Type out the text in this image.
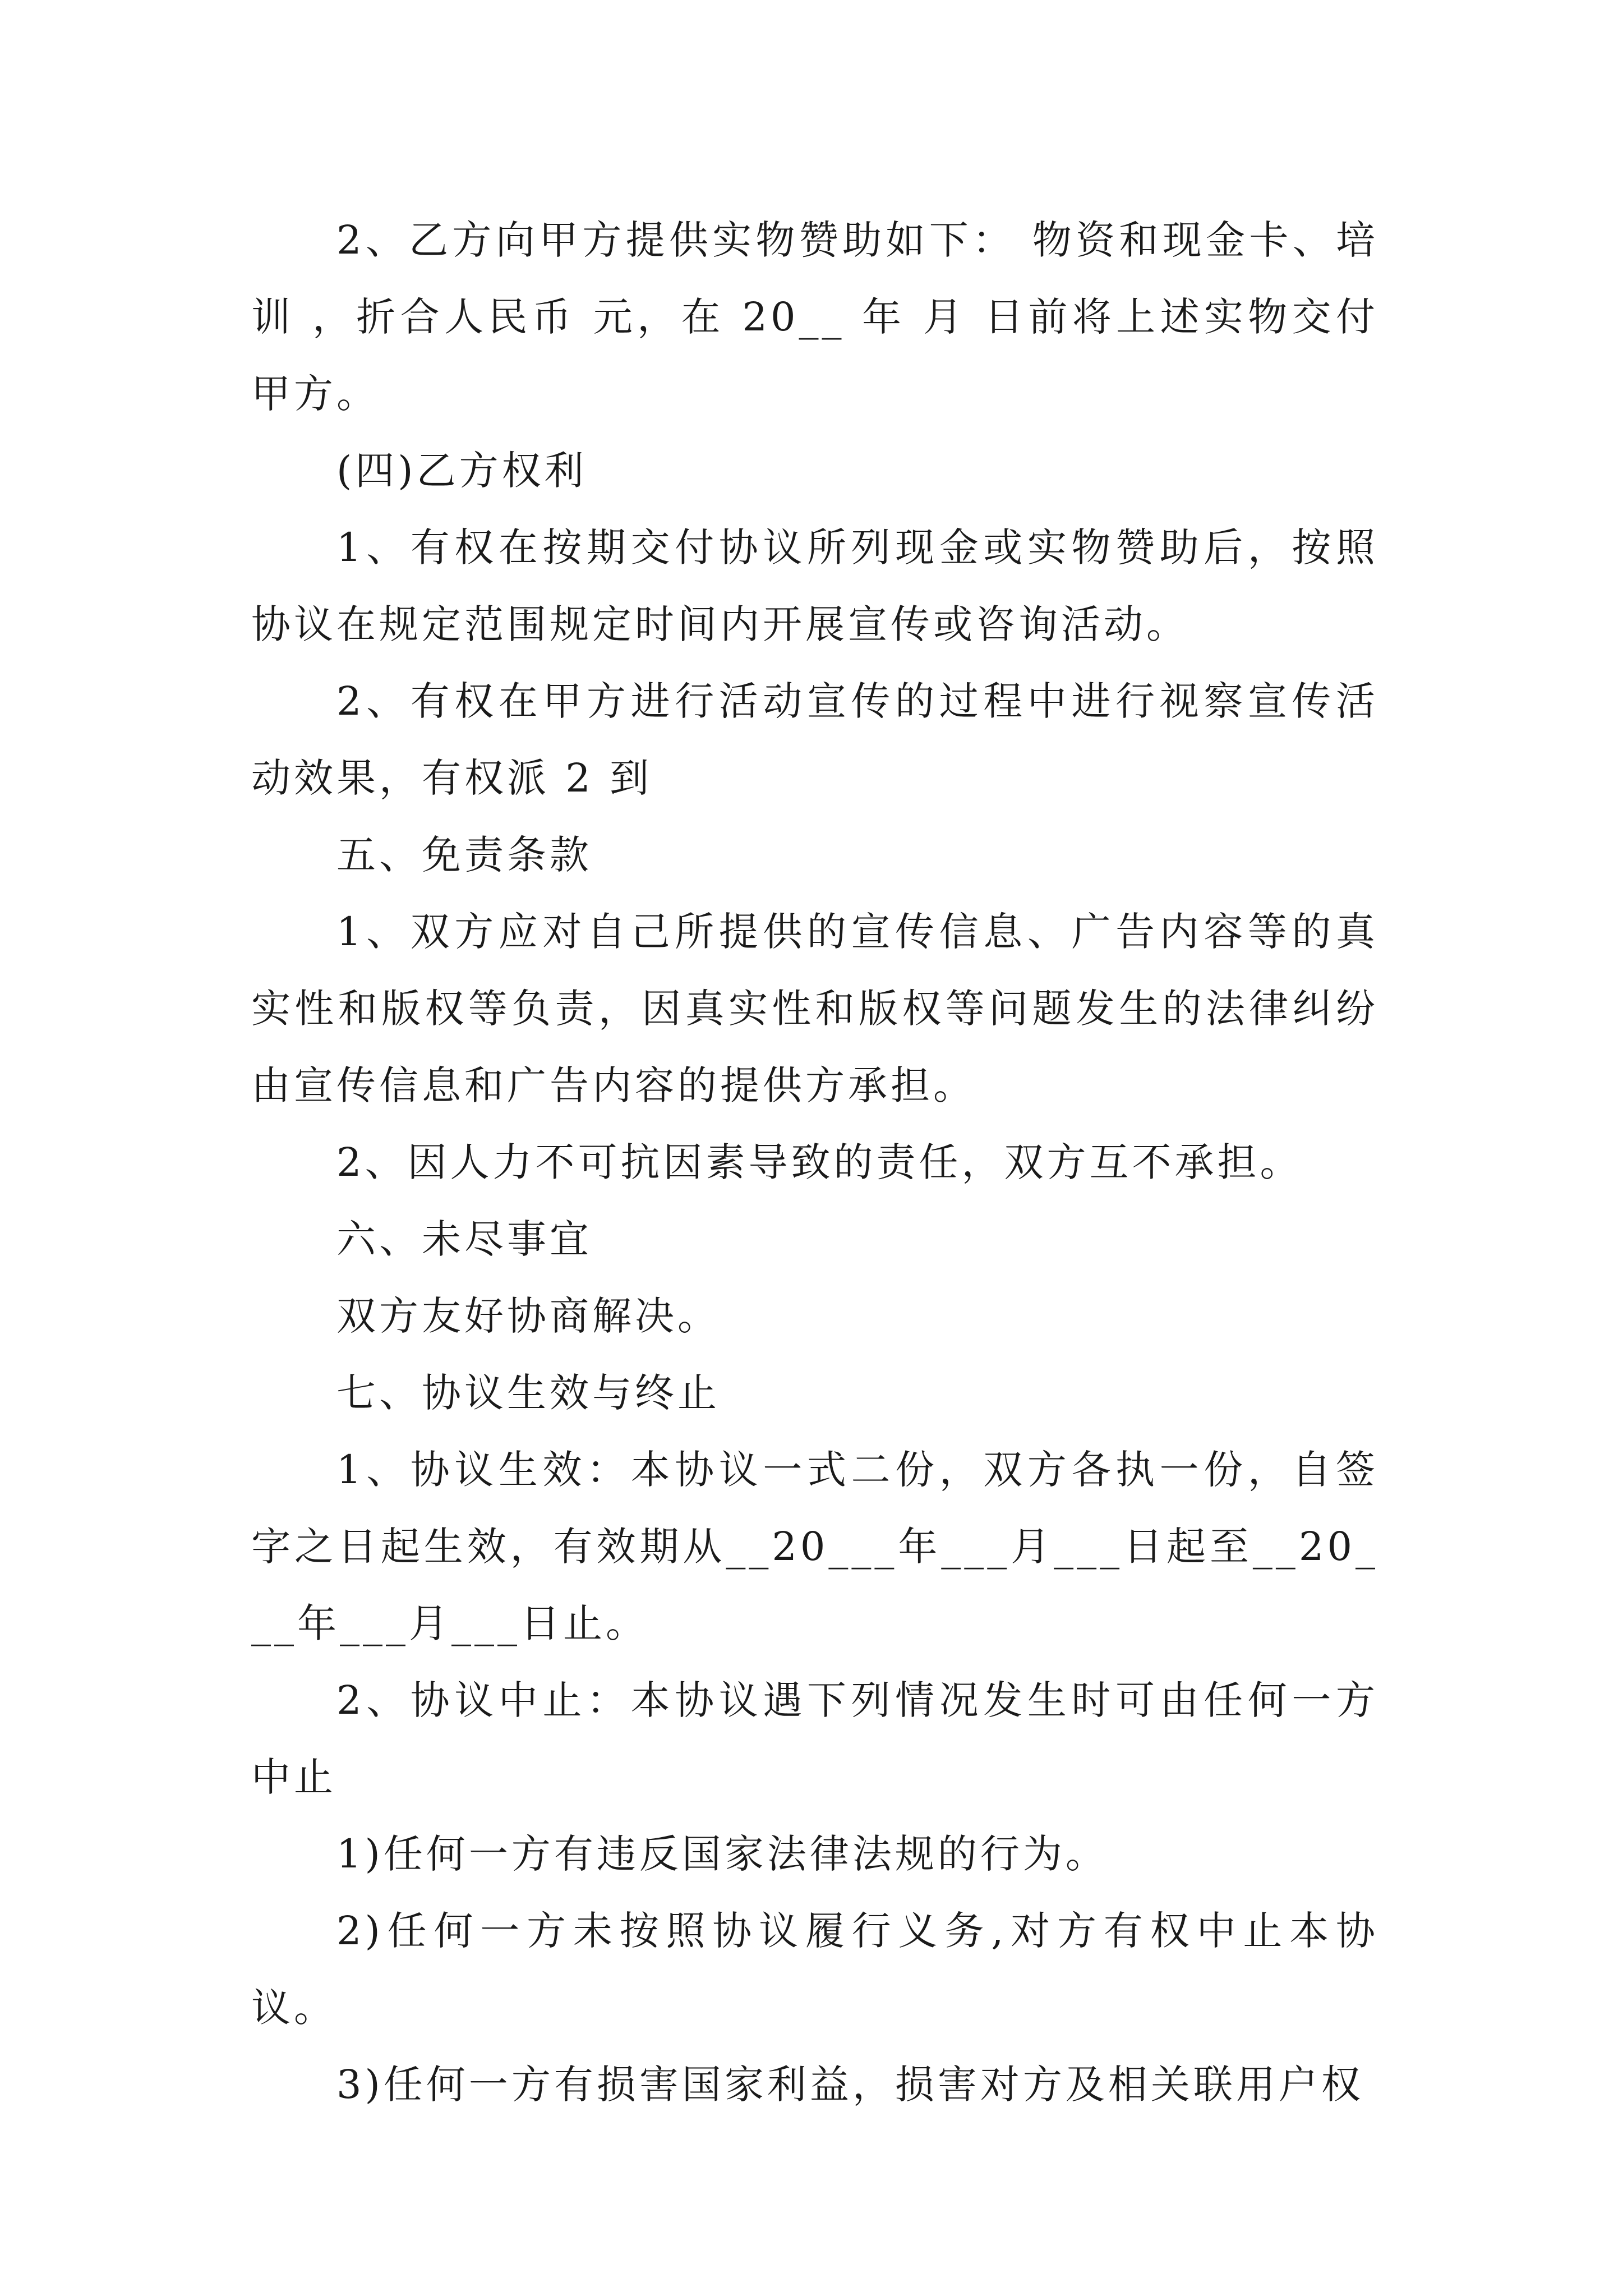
2、乙方向甲方提供实物赞助如下： 物资和现金卡、培训 ，折合人民币 元，在 20__ 年 月 日前将上述实物交付甲方。

(四)乙方权利

1、有权在按期交付协议所列现金或实物赞助后，按照协议在规定范围规定时间内开展宣传或咨询活动。

2、有权在甲方进行活动宣传的过程中进行视察宣传活动效果，有权派 2 到

五、免责条款

1、双方应对自己所提供的宣传信息、广告内容等的真实性和版权等负责，因真实性和版权等问题发生的法律纠纷由宣传信息和广告内容的提供方承担。

2、因人力不可抗因素导致的责任，双方互不承担。

六、未尽事宜

双方友好协商解决。

七、协议生效与终止

1、协议生效：本协议一式二份，双方各执一份，自签字之日起生效，有效期从__20___年___月___日起至__20___年___月___日止。

2、协议中止：本协议遇下列情况发生时可由任何一方中止

1)任何一方有违反国家法律法规的行为。

2)任何一方未按照协议履行义务,对方有权中止本协议。

3)任何一方有损害国家利益，损害对方及相关联用户权
